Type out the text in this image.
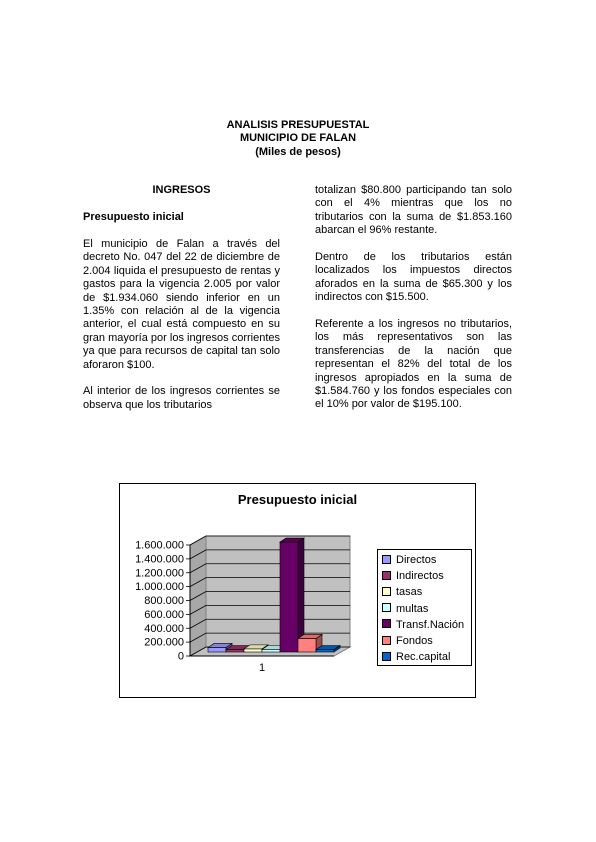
ANALISIS PRESUPUESTAL
MUNICIPIO DE FALAN
(Miles de pesos)
INGRESOS
Presupuesto inicial

El municipio de Falan a través del decreto No. 047 del 22 de diciembre de 2.004 liquida el presupuesto de rentas y gastos para la vigencia 2.005 por valor de $1.934.060 siendo inferior en un 1.35% con relación al de la vigencia anterior, el cual está compuesto en su gran mayoría por los ingresos corrientes ya que para recursos de capital tan solo aforaron $100.

Al interior de los ingresos corrientes se observa que los tributarios

totalizan $80.800 participando tan solo con el 4% mientras que los no tributarios con la suma de $1.853.160 abarcan el 96% restante.

Dentro de los tributarios están localizados los impuestos directos aforados en la suma de $65.300 y los indirectos con $15.500.

Referente a los ingresos no tributarios, los más representativos son las transferencias de la nación que representan el 82% del total de los ingresos apropiados en la suma de $1.584.760 y los fondos especiales con el 10% por valor de $195.100.

Presupuesto inicial
0
200.000
400.000
600.000
800.000
1.000.000
1.200.000
1.400.000
1.600.000
1
Directos
Indirectos
tasas
multas
Transf.Nación
Fondos
Rec.capital
